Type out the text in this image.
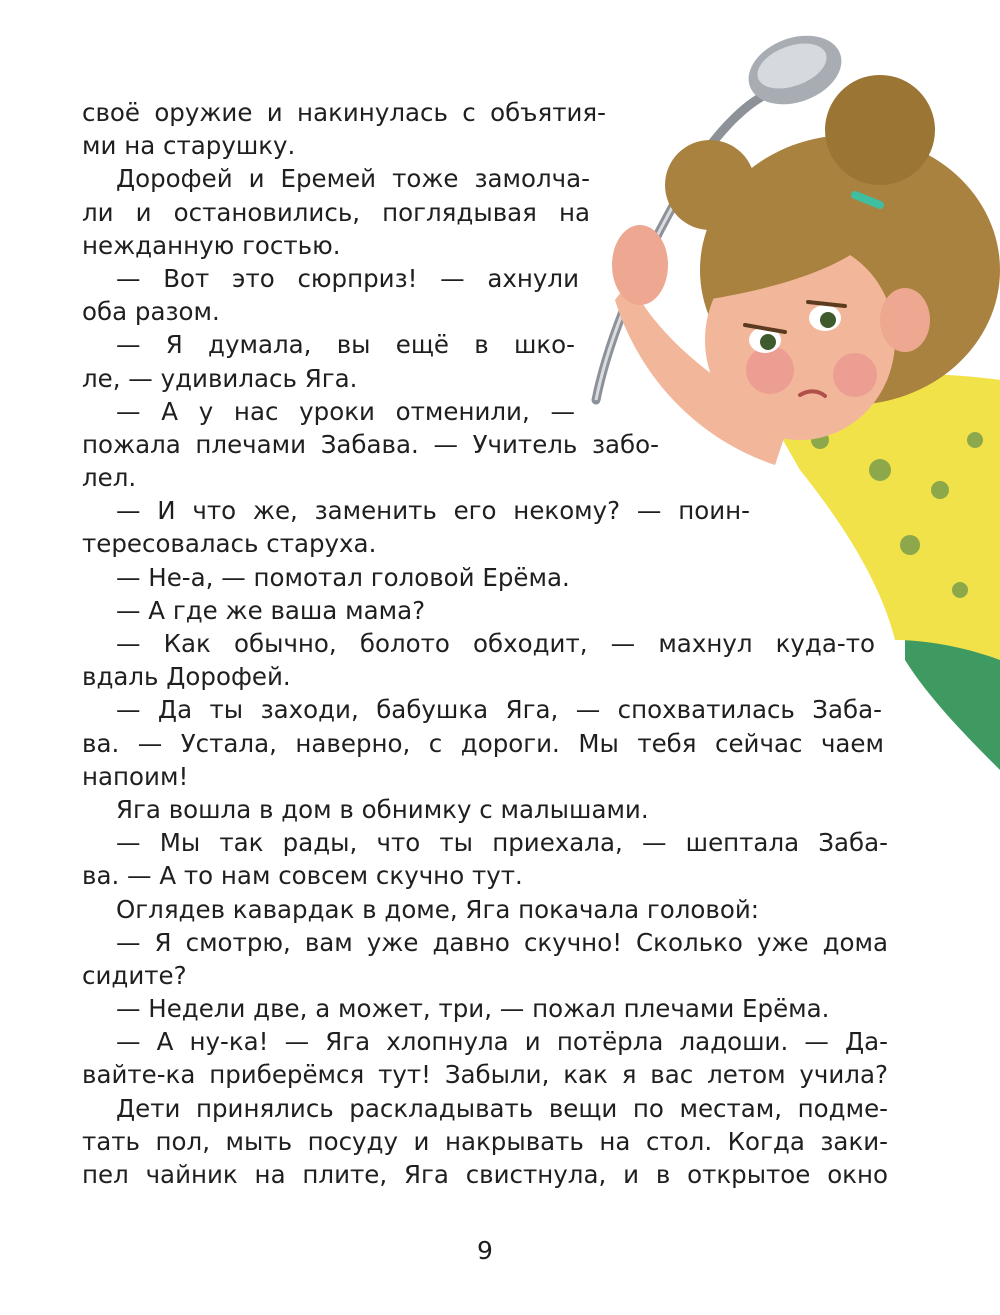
своё оружие и накинулась с объятия-
ми на старушку.
Дорофей и Еремей тоже замолча-
ли и остановились, поглядывая на
нежданную гостью.
— Вот это сюрприз! — ахнули
оба разом.
— Я думала, вы ещё в шко-
ле, — удивилась Яга.
— А у нас уроки отменили, —
пожала плечами Забава. — Учитель забо-
лел.
— И что же, заменить его некому? — поин-
тересовалась старуха.
— Не-а, — помотал головой Ерёма.
— А где же ваша мама?
— Как обычно, болото обходит, — махнул куда-то
вдаль Дорофей.
— Да ты заходи, бабушка Яга, — спохватилась Заба-
ва. — Устала, наверно, с дороги. Мы тебя сейчас чаем
напоим!
Яга вошла в дом в обнимку с малышами.
— Мы так рады, что ты приехала, — шептала Заба-
ва. — А то нам совсем скучно тут.
Оглядев кавардак в доме, Яга покачала головой:
— Я смотрю, вам уже давно скучно! Сколько уже дома
сидите?
— Недели две, а может, три, — пожал плечами Ерёма.
— А ну-ка! — Яга хлопнула и потёрла ладоши. — Да-
вайте-ка приберёмся тут! Забыли, как я вас летом учила?
Дети принялись раскладывать вещи по местам, подме-
тать пол, мыть посуду и накрывать на стол. Когда заки-
пел чайник на плите, Яга свистнула, и в открытое окно
9
